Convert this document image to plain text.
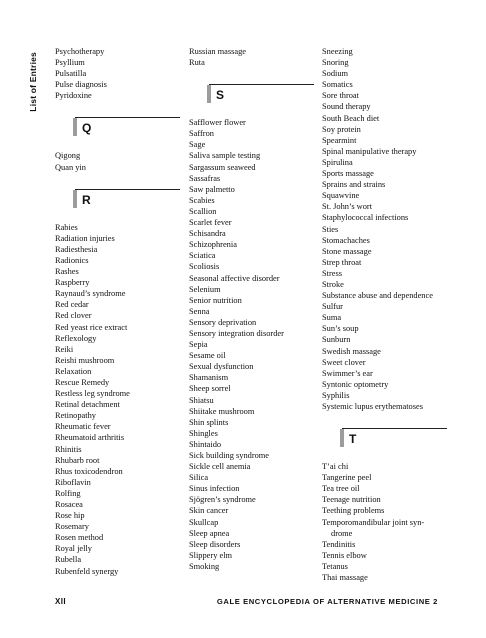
List of Entries
Psychotherapy
Psyllium
Pulsatilla
Pulse diagnosis
Pyridoxine
Q
Qigong
Quan yin
R
Rabies
Radiation injuries
Radiesthesia
Radionics
Rashes
Raspberry
Raynaud’s syndrome
Red cedar
Red clover
Red yeast rice extract
Reflexology
Reiki
Reishi mushroom
Relaxation
Rescue Remedy
Restless leg syndrome
Retinal detachment
Retinopathy
Rheumatic fever
Rheumatoid arthritis
Rhinitis
Rhubarb root
Rhus toxicodendron
Riboflavin
Rolfing
Rosacea
Rose hip
Rosemary
Rosen method
Royal jelly
Rubella
Rubenfeld synergy
Russian massage
Ruta
S
Safflower flower
Saffron
Sage
Saliva sample testing
Sargassum seaweed
Sassafras
Saw palmetto
Scabies
Scallion
Scarlet fever
Schisandra
Schizophrenia
Sciatica
Scoliosis
Seasonal affective disorder
Selenium
Senior nutrition
Senna
Sensory deprivation
Sensory integration disorder
Sepia
Sesame oil
Sexual dysfunction
Shamanism
Sheep sorrel
Shiatsu
Shiitake mushroom
Shin splints
Shingles
Shintaido
Sick building syndrome
Sickle cell anemia
Silica
Sinus infection
Sjögren’s syndrome
Skin cancer
Skullcap
Sleep apnea
Sleep disorders
Slippery elm
Smoking
Sneezing
Snoring
Sodium
Somatics
Sore throat
Sound therapy
South Beach diet
Soy protein
Spearmint
Spinal manipulative therapy
Spirulina
Sports massage
Sprains and strains
Squawvine
St. John’s wort
Staphylococcal infections
Sties
Stomachaches
Stone massage
Strep throat
Stress
Stroke
Substance abuse and dependence
Sulfur
Suma
Sun’s soup
Sunburn
Swedish massage
Sweet clover
Swimmer’s ear
Syntonic optometry
Syphilis
Systemic lupus erythematoses
T
T’ai chi
Tangerine peel
Tea tree oil
Teenage nutrition
Teething problems
Temporomandibular joint syn-
drome
Tendinitis
Tennis elbow
Tetanus
Thai massage
XII	GALE ENCYCLOPEDIA OF ALTERNATIVE MEDICINE 2
